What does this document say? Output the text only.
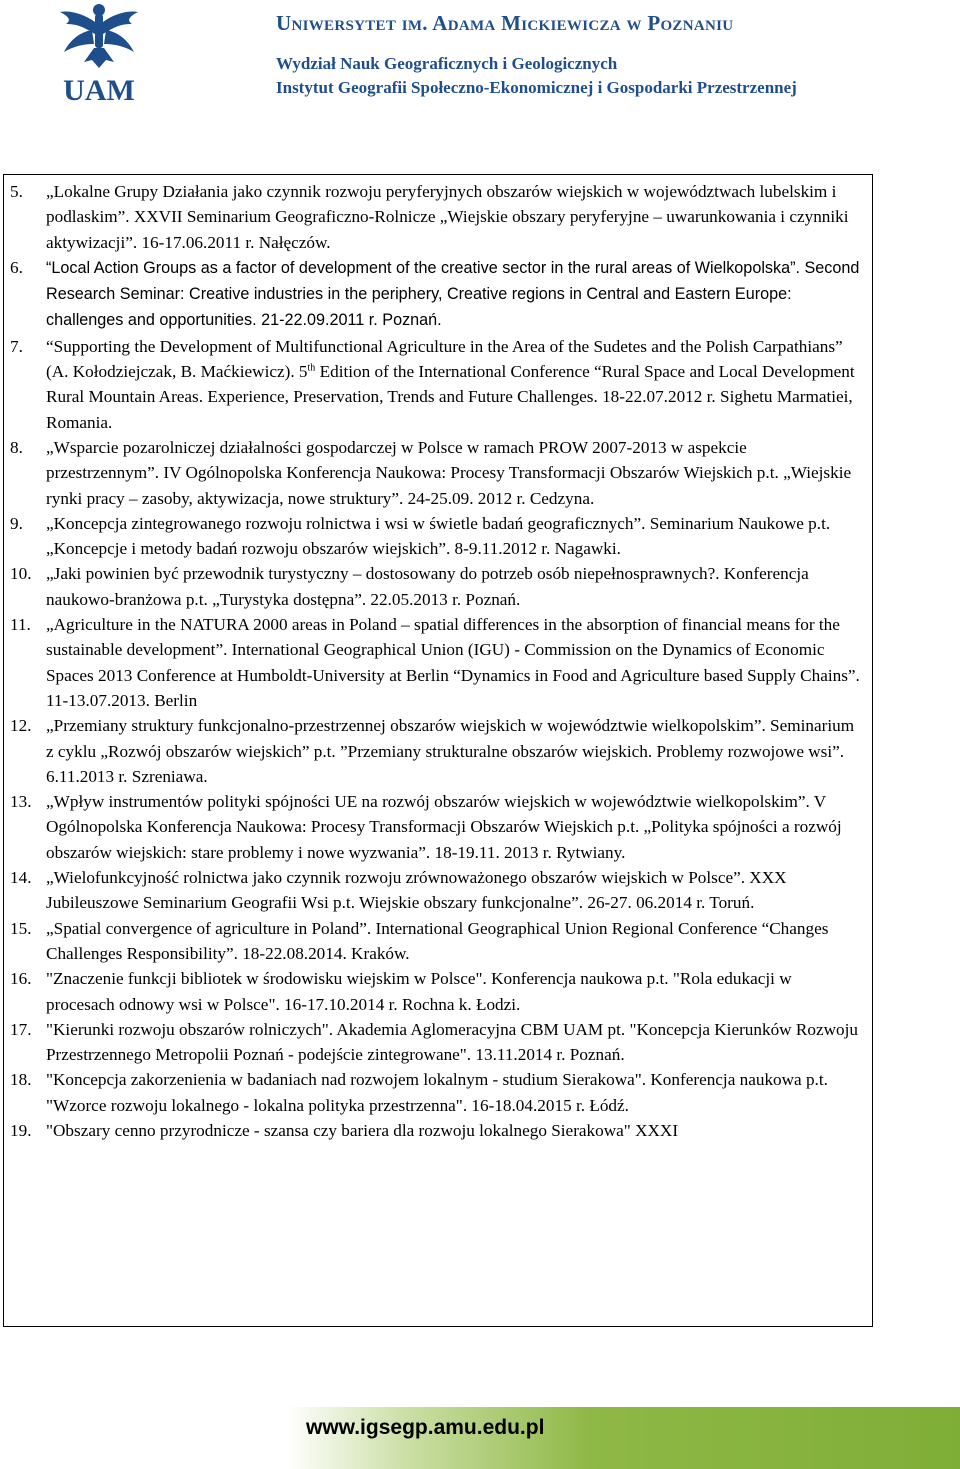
UAM
Uniwersytet im. Adama Mickiewicza w Poznaniu
Wydział Nauk Geograficznych i Geologicznych
Instytut Geografii Społeczno-Ekonomicznej i Gospodarki Przestrzennej
5. „Lokalne Grupy Działania jako czynnik rozwoju peryferyjnych obszarów wiejskich w województwach lubelskim i podlaskim”. XXVII Seminarium Geograficzno-Rolnicze „Wiejskie obszary peryferyjne – uwarunkowania i czynniki aktywizacji”. 16-17.06.2011 r. Nałęczów.
6. “Local Action Groups as a factor of development of the creative sector in the rural areas of Wielkopolska”. Second Research Seminar: Creative industries in the periphery, Creative regions in Central and Eastern Europe: challenges and opportunities. 21-22.09.2011 r. Poznań.
7. “Supporting the Development of Multifunctional Agriculture in the Area of the Sudetes and the Polish Carpathians” (A. Kołodziejczak, B. Maćkiewicz). 5th Edition of the International Conference “Rural Space and Local Development Rural Mountain Areas. Experience, Preservation, Trends and Future Challenges. 18-22.07.2012 r. Sighetu Marmatiei, Romania.
8. „Wsparcie pozarolniczej działalności gospodarczej w Polsce w ramach PROW 2007-2013 w aspekcie przestrzennym”. IV Ogólnopolska Konferencja Naukowa: Procesy Transformacji Obszarów Wiejskich p.t. „Wiejskie rynki pracy – zasoby, aktywizacja, nowe struktury”. 24-25.09. 2012 r. Cedzyna.
9. „Koncepcja zintegrowanego rozwoju rolnictwa i wsi w świetle badań geograficznych”. Seminarium Naukowe p.t. „Koncepcje i metody badań rozwoju obszarów wiejskich”. 8-9.11.2012 r. Nagawki.
10. „Jaki powinien być przewodnik turystyczny – dostosowany do potrzeb osób niepełnosprawnych?. Konferencja naukowo-branżowa p.t. „Turystyka dostępna”. 22.05.2013 r. Poznań.
11. „Agriculture in the NATURA 2000 areas in Poland – spatial differences in the absorption of financial means for the sustainable development”. International Geographical Union (IGU) - Commission on the Dynamics of Economic Spaces 2013 Conference at Humboldt-University at Berlin “Dynamics in Food and Agriculture based Supply Chains”. 11-13.07.2013. Berlin
12. „Przemiany struktury funkcjonalno-przestrzennej obszarów wiejskich w województwie wielkopolskim”. Seminarium z cyklu „Rozwój obszarów wiejskich” p.t. ”Przemiany strukturalne obszarów wiejskich. Problemy rozwojowe wsi”. 6.11.2013 r. Szreniawa.
13. „Wpływ instrumentów polityki spójności UE na rozwój obszarów wiejskich w województwie wielkopolskim”. V Ogólnopolska Konferencja Naukowa: Procesy Transformacji Obszarów Wiejskich p.t. „Polityka spójności a rozwój obszarów wiejskich: stare problemy i nowe wyzwania”. 18-19.11. 2013 r. Rytwiany.
14. „Wielofunkcyjność rolnictwa jako czynnik rozwoju zrównoważonego obszarów wiejskich w Polsce”. XXX Jubileuszowe Seminarium Geografii Wsi p.t. Wiejskie obszary funkcjonalne”. 26-27. 06.2014 r. Toruń.
15. „Spatial convergence of agriculture in Poland”. International Geographical Union Regional Conference “Changes Challenges Responsibility”. 18-22.08.2014. Kraków.
16. "Znaczenie funkcji bibliotek w środowisku wiejskim w Polsce". Konferencja naukowa p.t. "Rola edukacji w procesach odnowy wsi w Polsce". 16-17.10.2014 r. Rochna k. Łodzi.
17. "Kierunki rozwoju obszarów rolniczych". Akademia Aglomeracyjna CBM UAM pt. "Koncepcja Kierunków Rozwoju Przestrzennego Metropolii Poznań - podejście zintegrowane". 13.11.2014 r. Poznań.
18. "Koncepcja zakorzenienia w badaniach nad rozwojem lokalnym - studium Sierakowa". Konferencja naukowa p.t. "Wzorce rozwoju lokalnego - lokalna polityka przestrzenna". 16-18.04.2015 r. Łódź.
19. "Obszary cenno przyrodnicze - szansa czy bariera dla rozwoju lokalnego Sierakowa" XXXI
www.igsegp.amu.edu.pl
